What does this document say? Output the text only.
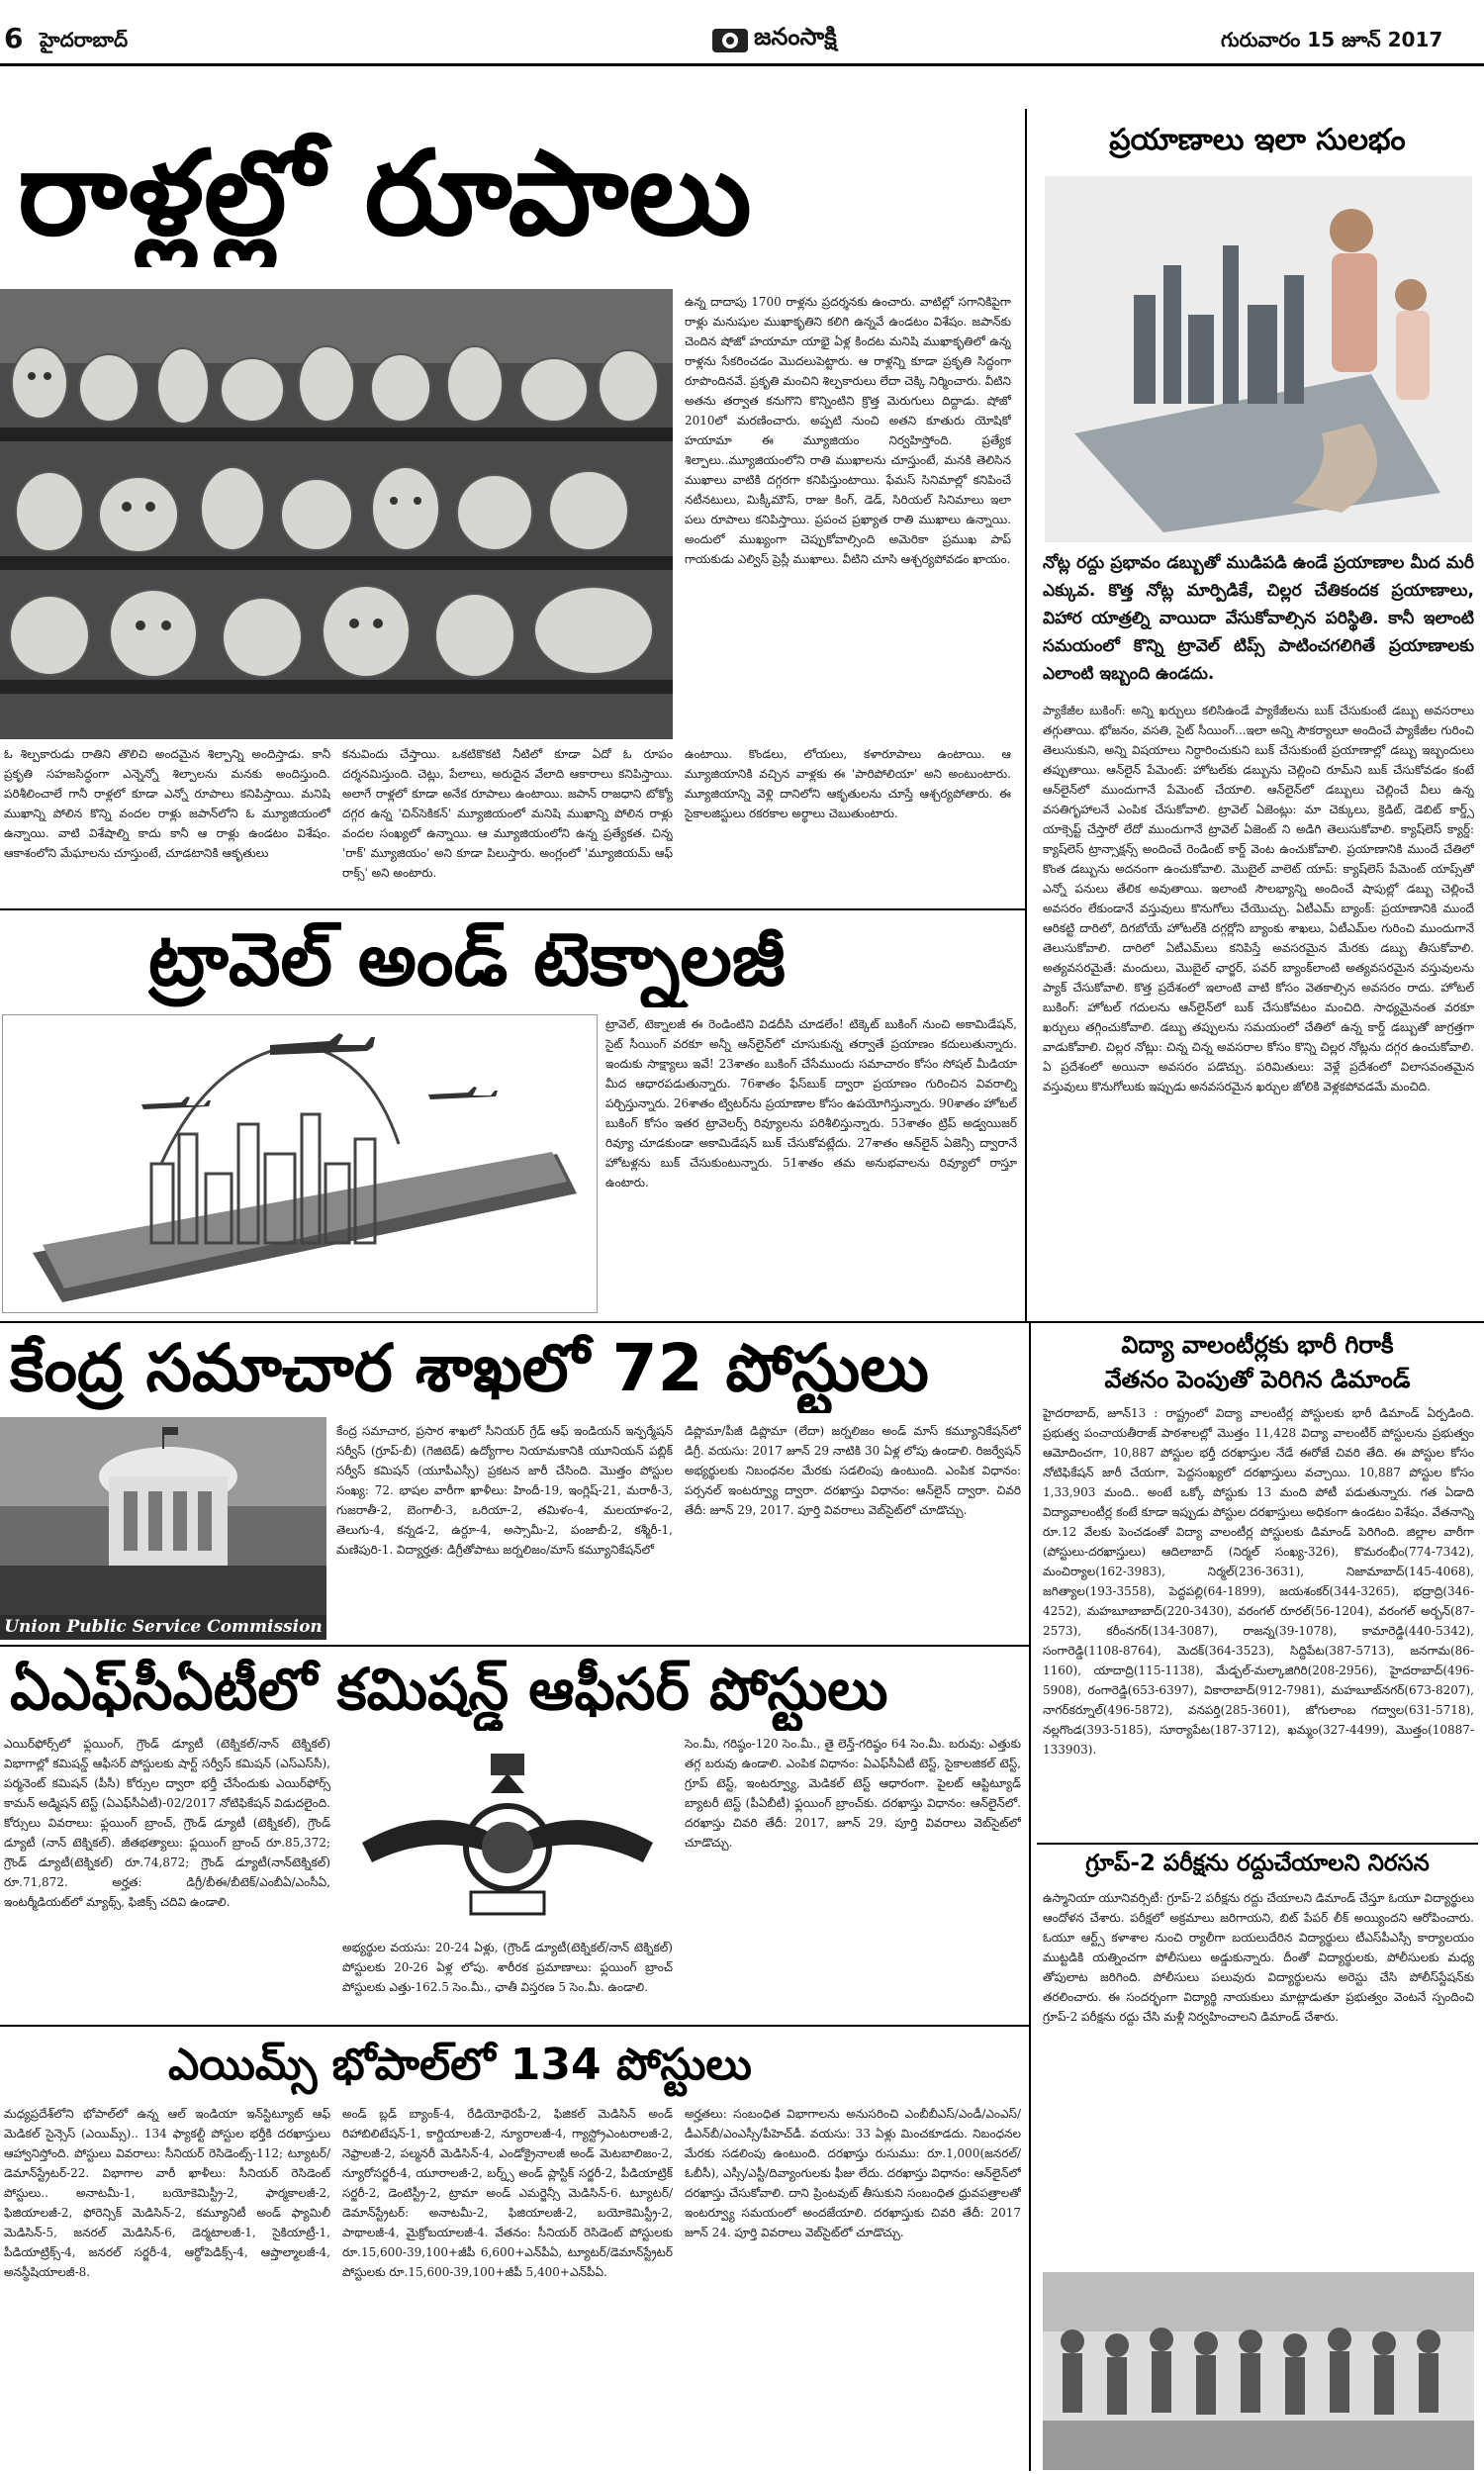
6 హైదరాబాద్	జనంసాక్షి	గురువారం 15 జూన్ 2017
రాళ్లల్లో రూపాలు
ఉన్న దాదాపు 1700 రాళ్లను ప్రదర్శనకు ఉంచారు. వాటిల్లో సగానికిపైగా రాళ్లు మనుషుల ముఖాకృతిని కలిగి ఉన్నవే ఉండటం విశేషం. జపాన్‌కు చెందిన షోజో హయామా యాభై ఏళ్ల కిందట మనిషి ముఖాకృతిలో ఉన్న రాళ్లను సేకరించడం మొదలుపెట్టారు. ఆ రాళ్లన్ని కూడా ప్రకృతి సిద్ధంగా రూపొందినవే. ప్రకృతి మంచిని శిల్పకారులు లేదా చెక్కి నిర్మించారు. వీటిని అతను తర్వాత కనుగొని కొన్నింటిని క్రొత్త మెరుగులు దిద్దాడు. షోజో 2010లో మరణించారు. అప్పటి నుంచి అతని కూతురు యోషికో హయామా ఈ మ్యూజియం నిర్వహిస్తోంది. ప్రత్యేక శిల్పాలు..మ్యూజియంలోని రాతి ముఖాలను చూస్తుంటే, మనకి తెలిసిన ముఖాలు వాటికి దగ్గరగా కనిపిస్తుంటాయి. ఫేమస్ సినిమాల్లో కనిపించే నటీనటులు, మిక్కీమౌస్, రాజు కింగ్, డెడ్, సిరియల్ సినిమాలు ఇలా పలు రూపాలు కనిపిస్తాయి. ప్రపంచ ప్రఖ్యాత రాతి ముఖాలు ఉన్నాయి. అందులో ముఖ్యంగా చెప్పుకోవాల్సింది అమెరికా ప్రముఖ పాప్ గాయకుడు ఎల్విస్ ప్రెస్లీ ముఖాలు. వీటిని చూసి ఆశ్చర్యపోవడం ఖాయం.
ఓ శిల్పకారుడు రాతిని తొలిచి అందమైన శిల్పాన్ని అందిస్తాడు. కానీ ప్రకృతి సహజసిద్ధంగా ఎన్నెన్నో శిల్పాలను మనకు అందిస్తుంది. పరిశీలించాలే గానీ రాళ్లలో కూడా ఎన్నో రూపాలు కనిపిస్తాయి. మనిషి ముఖాన్ని పోలిన కొన్ని వందల రాళ్లు జపాన్‌లోని ఓ మ్యూజియంలో ఉన్నాయి. వాటి విశేషాల్ని కాదు కానీ ఆ రాళ్లు ఉండటం విశేషం. ఆకాశంలోని మేఘాలను చూస్తుంటే, చూడటానికి ఆకృతులు
కనువిందు చేస్తాయి. ఒకటికొకటి నీటిలో కూడా ఏదో ఓ రూపం దర్శనమిస్తుంది. చెట్లు, పేలాలు, అరుదైన వేలాది ఆకారాలు కనిపిస్తాయి. అలాగే రాళ్లలో కూడా అనేక రూపాలు ఉంటాయి. జపాన్ రాజధాని టోక్యో దగ్గర ఉన్న 'చిన్‌సెకికన్' మ్యూజియంలో మనిషి ముఖాన్ని పోలిన రాళ్లు వందల సంఖ్యలో ఉన్నాయి. ఆ మ్యూజియంలోని ఉన్న ప్రత్యేకత. చిన్న 'రాక్' మ్యూజియం' అని కూడా పిలుస్తారు. అంగ్లంలో 'మ్యూజియమ్ ఆఫ్ రాక్స్' అని అంటారు.
ఉంటాయి. కొండలు, లోయలు, కళారూపాలు ఉంటాయి. ఆ మ్యూజియానికి వచ్చిన వాళ్లకు ఈ 'పారిపోలియా' అని అంటుంటారు. మ్యూజియాన్ని వెళ్లి దానిలోని ఆకృతులను చూస్తే ఆశ్చర్యపోతారు. ఈ సైకాలజిస్టులు రకరకాల అర్థాలు చెబుతుంటారు.
ప్రయాణాలు ఇలా సులభం
నోట్ల రద్దు ప్రభావం డబ్బుతో ముడిపడి ఉండే ప్రయాణాల మీద మరీ ఎక్కువ. కొత్త నోట్ల మార్పిడికే, చిల్లర చేతికందక ప్రయాణాలు, విహార యాత్రల్ని వాయిదా వేసుకోవాల్సిన పరిస్థితి. కానీ ఇలాంటి సమయంలో కొన్ని ట్రావెల్ టిప్స్ పాటించగలిగితే ప్రయాణాలకు ఎలాంటి ఇబ్బంది ఉండదు.
ప్యాకేజీల బుకింగ్: అన్ని ఖర్చులు కలిసిఉండే ప్యాకేజీలను బుక్ చేసుకుంటే డబ్బు అవసరాలు తగ్గుతాయి. భోజనం, వసతి, సైట్ సీయింగ్...ఇలా అన్ని సౌకర్యాలూ అందించే ప్యాకేజీల గురించి తెలుసుకుని, అన్ని విషయాలు నిర్ధారించుకుని బుక్ చేసుకుంటే ప్రయాణాల్లో డబ్బు ఇబ్బందులు తప్పుతాయి. ఆన్‌లైన్ పేమెంట్: హోటల్‌కు డబ్బును చెల్లించి రూమ్‌ని బుక్ చేసుకోవడం కంటే ఆన్‌లైన్‌లో ముందుగానే పేమెంట్ చేయాలి. ఆన్‌లైన్‌లో డబ్బులు చెల్లించే వీలు ఉన్న వసతిగృహాలనే ఎంపిక చేసుకోవాలి. ట్రావెల్ ఏజెంట్లు: మా చెక్కులు, క్రెడిట్, డెబిట్ కార్డ్స్ యాక్సెప్ట్ చేస్తారో లేదో ముందుగానే ట్రావెల్ ఏజెంట్ ని అడిగి తెలుసుకోవాలి. క్యాష్‌లెస్ క్యార్డ్: క్యాష్‌లెస్ ట్రాన్సాక్షన్స్ అందించే రెండింట్ కార్డ్ వెంట ఉంచుకోవాలి. ప్రయాణానికి ముందే చేతిలో కొంత డబ్బును అదనంగా ఉంచుకోవాలి. మొబైల్ వాలెట్ యాప్: క్యాష్‌లెస్ పేమెంట్ యాప్స్‌తో ఎన్నో పనులు తేలిక అవుతాయి. ఇలాంటి సౌలభ్యాన్ని అందించే షాపుల్లో డబ్బు చెల్లించే అవసరం లేకుండానే వస్తువులు కొనుగోలు చేయొచ్చు. ఏటీఎమ్ బ్యాంక్: ప్రయాణానికి ముందే ఆరికట్టి దారిలో, దిగబోయే హోటల్‌కి దగ్గర్లోని బ్యాంకు శాఖలు, ఏటీఎమ్‌ల గురించి ముందుగానే తెలుసుకోవాలి. దారిలో ఏటీఎమ్‌లు కనిపిస్తే అవసరమైన మేరకు డబ్బు తీసుకోవాలి. అత్యవసరమైతే: మందులు, మొబైల్ ఛార్జర్, పవర్ బ్యాంక్‌లాంటి అత్యవసరమైన వస్తువులను ప్యాక్ చేసుకోవాలి. కొత్త ప్రదేశంలో ఇలాంటి వాటి కోసం వెతకాల్సిన అవసరం రాదు. హోటల్ బుకింగ్: హోటల్ గదులను ఆన్‌లైన్‌లో బుక్ చేసుకోవటం మంచిది. సాధ్యమైనంత వరకూ ఖర్చులు తగ్గించుకోవాలి. డబ్బు తప్పులను సమయంలో చేతిలో ఉన్న కార్డ్ డబ్బుతో జాగ్రత్తగా వాడుకోవాలి. చిల్లర నోట్లు: చిన్న చిన్న అవసరాల కోసం కొన్ని చిల్లర నోట్లను దగ్గర ఉంచుకోవాలి. ఏ ప్రదేశంలో అయినా అవసరం పడొచ్చు. పరిమితులు: వెళ్లే ప్రదేశంలో విలాసవంతమైన వస్తువులు కొనుగోలుకు ఇప్పుడు అనవసరమైన ఖర్చుల జోలికి వెళ్లకపోవడమే మంచిది.
ట్రావెల్ అండ్ టెక్నాలజీ
ట్రావెల్, టెక్నాలజీ ఈ రెండింటిని విడదీసి చూడలేం! టిక్కెట్ బుకింగ్ నుంచి అకామిడేషన్, సైట్ సీయింగ్ వరకూ అన్నీ ఆన్‌లైన్‌లో చూసుకున్న తర్వాతే ప్రయాణం కదులుతున్నారు. ఇందుకు సాక్ష్యాలు ఇవే! 23శాతం బుకింగ్ చేసేముందు సమాచారం కోసం సోషల్ మీడియా మీద ఆధారపడుతున్నారు. 76శాతం ఫేస్‌బుక్ ద్వారా ప్రయాణం గురించిన వివరాల్ని పర్చిస్తున్నారు. 26శాతం ట్విటర్‌ను ప్రయాణాల కోసం ఉపయోగిస్తున్నారు. 90శాతం హోటల్ బుకింగ్ కోసం ఇతర ట్రావెలర్స్ రివ్యూలను పరిశీలిస్తున్నారు. 53శాతం ట్రిప్ అడ్వయిజర్ రివ్యూ చూడకుండా అకామిడేషన్ బుక్ చేసుకోవట్లేదు. 27శాతం ఆన్‌లైన్ ఏజెన్సీ ద్వారానే హోటళ్లను బుక్ చేసుకుంటున్నారు. 51శాతం తమ అనుభవాలను రివ్యూలో రాస్తూ ఉంటారు.
విద్యా వాలంటీర్లకు భారీ గిరాకీ
వేతనం పెంపుతో పెరిగిన డిమాండ్
హైదరాబాద్, జూన్13 : రాష్ట్రంలో విద్యా వాలంటీర్ల పోస్టులకు భారీ డిమాండ్ ఏర్పడింది. ప్రభుత్వ పంచాయతీరాజ్ పాఠశాలల్లో మొత్తం 11,428 విద్యా వాలంటీర్ పోస్టులను ప్రభుత్వం ఆమోదించగా, 10,887 పోస్టుల భర్తీ దరఖాస్తుల నేడే ఈరోజే చివరి తేది. ఈ పోస్టుల కోసం నోటిఫికేషన్ జారీ చేయగా, పెద్దసంఖ్యలో దరఖాస్తులు వచ్చాయి. 10,887 పోస్టుల కోసం 1,33,903 మంది.. అంటే ఒక్కో పోస్టుకు 13 మంది పోటీ పడుతున్నారు. గత ఏడాది విద్యావాలంటీర్ల కంటే కూడా ఇప్పుడు పోస్టుల దరఖాస్తులు అధికంగా ఉండటం విశేషం. వేతనాన్ని రూ.12 వేలకు పెంచడంతో విద్యా వాలంటీర్ల పోస్టులకు డిమాండ్ పెరిగింది. జిల్లాల వారీగా (పోస్టులు-దరఖాస్తులు) ఆదిలాబాద్ (నిర్మల్ సంఖ్య-326), కొమరంభీం(774-7342), మంచిర్యాల(162-3983), నిర్మల్(236-3631), నిజామాబాద్(145-4068), జగిత్యాల(193-3558), పెద్దపల్లి(64-1899), జయశంకర్(344-3265), భద్రాద్రి(346-4252), మహబూబాబాద్(220-3430), వరంగల్ రూరల్(56-1204), వరంగల్ అర్బన్(87-2573), కరీంనగర్(134-3087), రాజన్న(39-1078), కామారెడ్డి(440-5342), సంగారెడ్డి(1108-8764), మెదక్(364-3523), సిద్దిపేట(387-5713), జనగామ(86-1160), యాదాద్రి(115-1138), మేడ్చల్-మల్కాజిగిరి(208-2956), హైదరాబాద్(496-5908), రంగారెడ్డి(653-6397), వికారాబాద్(912-7981), మహబూబ్‌నగర్(673-8207), నాగర్‌కర్నూల్(496-5872), వనపర్తి(285-3601), జోగులాంబ గద్వాల(631-5718), నల్లగొండ(393-5185), సూర్యాపేట(187-3712), ఖమ్మం(327-4499), మొత్తం(10887-133903).
గ్రూప్-2 పరీక్షను రద్దుచేయాలని నిరసన
ఉస్మానియా యూనివర్సిటీ: గ్రూప్-2 పరీక్షను రద్దు చేయాలని డిమాండ్ చేస్తూ ఓయూ విద్యార్థులు ఆందోళన చేశారు. పరీక్షలో అక్రమాలు జరిగాయని, బిట్ పేపర్ లీక్ అయ్యిందని ఆరోపించారు. ఓయూ ఆర్ట్స్ కళాశాల నుంచి ర్యాలీగా బయలుదేరిన విద్యార్థులు టీఎస్‌పీఎస్సీ కార్యాలయం ముట్టడికి యత్నించగా పోలీసులు అడ్డుకున్నారు. దీంతో విద్యార్థులకు, పోలీసులకు మధ్య తోపులాట జరిగింది. పోలీసులు పలువురు విద్యార్థులను అరెస్టు చేసి పోలీస్‌స్టేషన్‌కు తరలించారు. ఈ సందర్భంగా విద్యార్థి నాయకులు మాట్లాడుతూ ప్రభుత్వం వెంటనే స్పందించి గ్రూప్-2 పరీక్షను రద్దు చేసి మళ్లీ నిర్వహించాలని డిమాండ్ చేశారు.
కేంద్ర సమాచార శాఖలో 72 పోస్టులు
Union Public Service Commission
కేంద్ర సమాచార, ప్రసార శాఖలో సీనియర్ గ్రేడ్ ఆఫ్ ఇండియన్ ఇన్ఫర్మేషన్ సర్వీస్ (గ్రూప్-బీ) (గెజిటెడ్) ఉద్యోగాల నియామకానికి యూనియన్ పబ్లిక్ సర్వీస్ కమిషన్ (యూపీఎస్సీ) ప్రకటన జారీ చేసింది. మొత్తం పోస్టుల సంఖ్య: 72. భాషల వారీగా ఖాళీలు: హిందీ-19, ఇంగ్లిష్-21, మరాఠీ-3, గుజరాతీ-2, బెంగాలీ-3, ఒరియా-2, తమిళం-4, మలయాళం-2, తెలుగు-4, కన్నడ-2, ఉర్దూ-4, అస్సామీ-2, పంజాబీ-2, కశ్మీరీ-1, మణిపురి-1. విద్యార్హత: డిగ్రీతోపాటు జర్నలిజం/మాస్ కమ్యూనికేషన్‌లో
డిప్లొమా/పీజీ డిప్లొమా (లేదా) జర్నలిజం అండ్ మాస్ కమ్యూనికేషన్‌లో డిగ్రీ. వయసు: 2017 జూన్ 29 నాటికి 30 ఏళ్ల లోపు ఉండాలి. రిజర్వేషన్ అభ్యర్థులకు నిబంధనల మేరకు సడలింపు ఉంటుంది. ఎంపిక విధానం: పర్సనల్ ఇంటర్వ్యూ ద్వారా. దరఖాస్తు విధానం: ఆన్‌లైన్ ద్వారా. చివరి తేదీ: జూన్ 29, 2017. పూర్తి వివరాలు వెబ్‌సైట్‌లో చూడొచ్చు.
ఏఎఫ్‌సీఏటీలో కమిషన్డ్ ఆఫీసర్ పోస్టులు
ఎయిర్‌ఫోర్స్‌లో ఫ్లయింగ్, గ్రౌండ్ డ్యూటీ (టెక్నికల్/నాన్ టెక్నికల్) విభాగాల్లో కమిషన్డ్ ఆఫీసర్ పోస్టులకు షార్ట్ సర్వీస్ కమిషన్ (ఎస్‌ఎస్‌సీ), పర్మనెంట్ కమిషన్ (పీసీ) కోర్సుల ద్వారా భర్తీ చేసేందుకు ఎయిర్‌ఫోర్స్ కామన్ అడ్మిషన్ టెస్ట్ (ఏఎఫ్‌సీఏటీ)-02/2017 నోటిఫికేషన్ విడుదలైంది. కోర్సులు వివరాలు: ఫ్లయింగ్ బ్రాంచ్, గ్రౌండ్ డ్యూటీ (టెక్నికల్), గ్రౌండ్ డ్యూటీ (నాన్ టెక్నికల్). జీతభత్యాలు: ఫ్లయింగ్ బ్రాంచ్ రూ.85,372; గ్రౌండ్ డ్యూటీ(టెక్నికల్) రూ.74,872; గ్రౌండ్ డ్యూటీ(నాన్‌టెక్నికల్) రూ.71,872. అర్హత: డిగ్రీ/బీఈ/బీటెక్/ఎంబీఏ/ఎంసీఏ, ఇంటర్మీడియట్‌లో మ్యాథ్స్, ఫిజిక్స్ చదివి ఉండాలి.
అభ్యర్థుల వయసు: 20-24 ఏళ్లు, (గ్రౌండ్ డ్యూటీ(టెక్నికల్/నాన్ టెక్నికల్) పోస్టులకు 20-26 ఏళ్ల లోపు. శారీరక ప్రమాణాలు: ఫ్లయింగ్ బ్రాంచ్ పోస్టులకు ఎత్తు-162.5 సెం.మీ., ఛాతీ విస్తరణ 5 సెం.మీ. ఉండాలి.
సెం.మీ, గరిష్ఠం-120 సెం.మీ., తై లెన్త్-గరిష్ఠం 64 సెం.మీ. బరువు: ఎత్తుకు తగ్గ బరువు ఉండాలి. ఎంపిక విధానం: ఏఎఫ్‌సీఏటీ టెస్ట్, సైకాలజికల్ టెస్ట్, గ్రూప్ టెస్ట్, ఇంటర్వ్యూ, మెడికల్ టెస్ట్ ఆధారంగా. పైలట్ ఆప్టిట్యూడ్ బ్యాటరీ టెస్ట్ (పీఏబీటీ) ఫ్లయింగ్ బ్రాంచ్‌కు. దరఖాస్తు విధానం: ఆన్‌లైన్‌లో. దరఖాస్తు చివరి తేదీ: 2017, జూన్ 29. పూర్తి వివరాలు వెబ్‌సైట్‌లో చూడొచ్చు.
ఎయిమ్స్ భోపాల్‌లో 134 పోస్టులు
మధ్యప్రదేశ్‌లోని భోపాల్‌లో ఉన్న ఆల్ ఇండియా ఇన్‌స్టిట్యూట్ ఆఫ్ మెడికల్ సైన్సెస్ (ఎయిమ్స్).. 134 ఫ్యాకల్టీ పోస్టుల భర్తీకి దరఖాస్తులు ఆహ్వానిస్తోంది. పోస్టులు వివరాలు: సీనియర్ రెసిడెంట్స్-112; ట్యూటర్/డెమాన్‌స్ట్రేటర్-22. విభాగాల వారీ ఖాళీలు: సీనియర్ రెసిడెంట్ పోస్టులు.. అనాటమీ-1, బయోకెమిస్ట్రీ-2, ఫార్మకాలజీ-2, ఫిజియాలజీ-2, ఫోరెన్సిక్ మెడిసిన్-2, కమ్యూనిటీ అండ్ ఫ్యామిలీ మెడిసిన్-5, జనరల్ మెడిసిన్-6, డెర్మటాలజీ-1, సైకియాట్రీ-1, పీడియాట్రిక్స్-4, జనరల్ సర్జరీ-4, ఆర్థోపెడిక్స్-4, ఆప్తాల్మాలజీ-4, అనస్థీషియాలజీ-8.
అండ్ బ్లడ్ బ్యాంక్-4, రేడియోథెరపీ-2, ఫిజికల్ మెడిసిన్ అండ్ రిహాబిలిటేషన్-1, కార్డియాలజీ-2, న్యూరాలజీ-4, గ్యాస్ట్రోఎంటరాలజీ-2, నెఫ్రాలజీ-2, పల్మనరీ మెడిసిన్-4, ఎండోక్రైనాలజీ అండ్ మెటబాలిజం-2, న్యూరోసర్జరీ-4, యూరాలజీ-2, బర్న్స్ అండ్ ప్లాస్టిక్ సర్జరీ-2, పీడియాట్రిక్ సర్జరీ-2, డెంటిస్ట్రీ-2, ట్రామా అండ్ ఎమర్జెన్సీ మెడిసిన్-6. ట్యూటర్/డెమాన్‌స్ట్రేటర్: అనాటమీ-2, ఫిజియాలజీ-2, బయోకెమిస్ట్రీ-2, పాథాలజీ-4, మైక్రోబయాలజీ-4. వేతనం: సీనియర్ రెసిడెంట్ పోస్టులకు రూ.15,600-39,100+జీపీ 6,600+ఎన్‌పీఏ, ట్యూటర్/డెమాన్‌స్ట్రేటర్ పోస్టులకు రూ.15,600-39,100+జీపీ 5,400+ఎన్‌పీఏ.
అర్హతలు: సంబంధిత విభాగాలను అనుసరించి ఎంబీబీఎస్/ఎండీ/ఎంఎస్/డీఎన్‌బీ/ఎంఎస్సీ/పీహెచ్‌డీ. వయసు: 33 ఏళ్లు మించకూడదు. నిబంధనల మేరకు సడలింపు ఉంటుంది. దరఖాస్తు రుసుము: రూ.1,000(జనరల్/ఓబీసీ), ఎస్సీ/ఎస్టీ/దివ్యాంగులకు ఫీజు లేదు. దరఖాస్తు విధానం: ఆన్‌లైన్‌లో దరఖాస్తు చేసుకోవాలి. దాని ప్రింటవుట్ తీసుకుని సంబంధిత ధ్రువపత్రాలతో ఇంటర్వ్యూ సమయంలో అందజేయాలి. దరఖాస్తుకు చివరి తేదీ: 2017 జూన్ 24. పూర్తి వివరాలు వెబ్‌సైట్‌లో చూడొచ్చు.
